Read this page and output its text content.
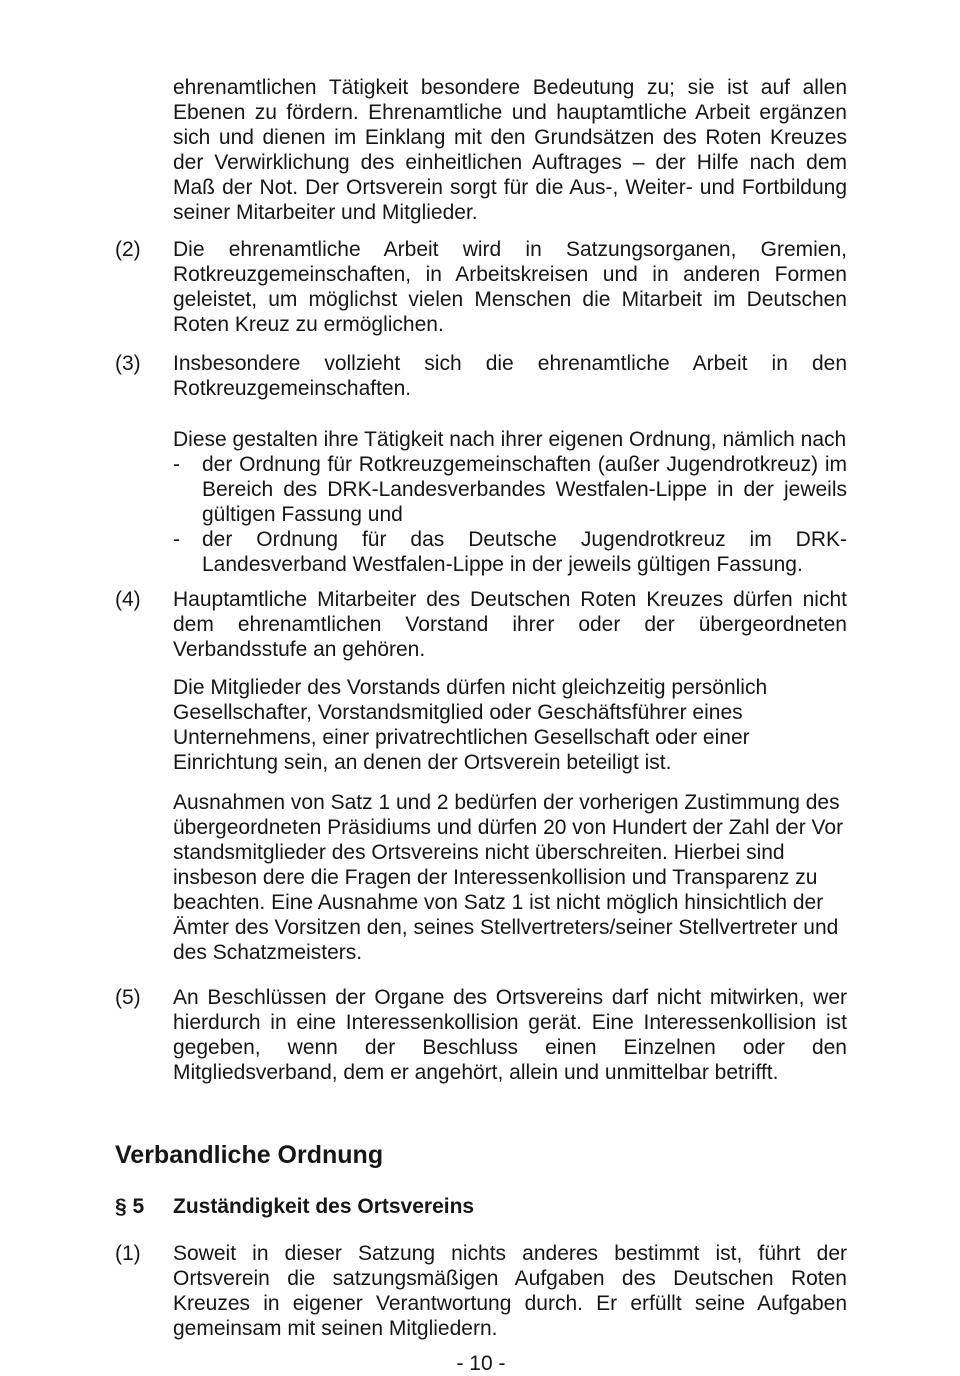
ehrenamtlichen Tätigkeit besondere Bedeutung zu; sie ist auf allen Ebenen zu fördern. Ehrenamtliche und hauptamtliche Arbeit ergänzen sich und dienen im Einklang mit den Grundsätzen des Roten Kreuzes der Verwirklichung des einheitlichen Auftrages – der Hilfe nach dem Maß der Not. Der Ortsverein sorgt für die Aus-, Weiter- und Fortbildung seiner Mitarbeiter und Mitglieder.

(2)	Die ehrenamtliche Arbeit wird in Satzungsorganen, Gremien, Rotkreuzgemeinschaften, in Arbeitskreisen und in anderen Formen geleistet, um möglichst vielen Menschen die Mitarbeit im Deutschen Roten Kreuz zu ermöglichen.

(3)	Insbesondere vollzieht sich die ehrenamtliche Arbeit in den Rotkreuzgemeinschaften.

Diese gestalten ihre Tätigkeit nach ihrer eigenen Ordnung, nämlich nach

-	der Ordnung für Rotkreuzgemeinschaften (außer Jugendrotkreuz) im Bereich des DRK-Landesverbandes Westfalen-Lippe in der jeweils gültigen Fassung und

-	der Ordnung für das Deutsche Jugendrotkreuz im DRK-Landesverband Westfalen-Lippe in der jeweils gültigen Fassung.

(4)	Hauptamtliche Mitarbeiter des Deutschen Roten Kreuzes dürfen nicht dem ehrenamtlichen Vorstand ihrer oder der übergeordneten Verbandsstufe an gehören.

Die Mitglieder des Vorstands dürfen nicht gleichzeitig persönlich Gesellschafter, Vorstandsmitglied oder Geschäftsführer eines Unternehmens, einer privatrechtlichen Gesellschaft oder einer Einrichtung sein, an denen der Ortsverein beteiligt ist.

Ausnahmen von Satz 1 und 2 bedürfen der vorherigen Zustimmung des übergeordneten Präsidiums und dürfen 20 von Hundert der Zahl der Vor standsmitglieder des Ortsvereins nicht überschreiten. Hierbei sind insbeson dere die Fragen der Interessenkollision und Transparenz zu beachten. Eine Ausnahme von Satz 1 ist nicht möglich hinsichtlich der Ämter des Vorsitzen den, seines Stellvertreters/seiner Stellvertreter und des Schatzmeisters.

(5)	An Beschlüssen der Organe des Ortsvereins darf nicht mitwirken, wer hierdurch in eine Interessenkollision gerät. Eine Interessenkollision ist gegeben, wenn der Beschluss einen Einzelnen oder den Mitgliedsverband, dem er angehört, allein und unmittelbar betrifft.

Verbandliche Ordnung
§ 5	Zuständigkeit des Ortsvereins
(1)	Soweit in dieser Satzung nichts anderes bestimmt ist, führt der Ortsverein die satzungsmäßigen Aufgaben des Deutschen Roten Kreuzes in eigener Verantwortung durch. Er erfüllt seine Aufgaben gemeinsam mit seinen Mitgliedern.

- 10 -
